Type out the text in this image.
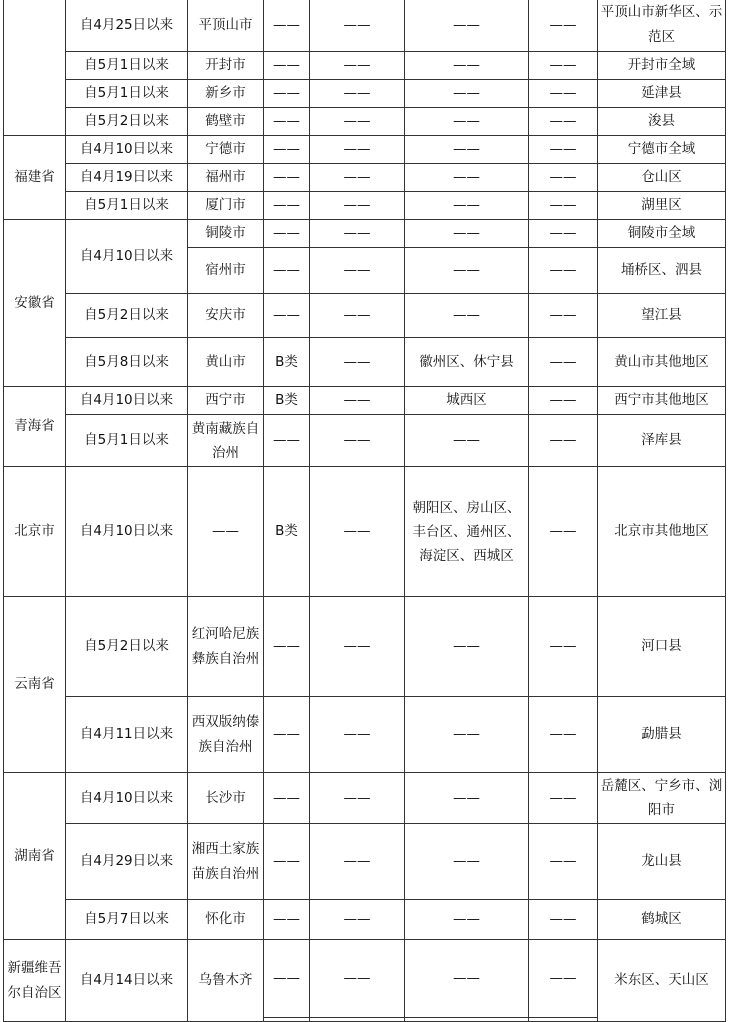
	自4月25日以来	平顶山市	——	——	——	——	平顶山市新华区、示范区
	自5月1日以来	开封市	——	——	——	——	开封市全域
	自5月1日以来	新乡市	——	——	——	——	延津县
	自5月2日以来	鹤壁市	——	——	——	——	浚县
福建省	自4月10日以来	宁德市	——	——	——	——	宁德市全域
	自4月19日以来	福州市	——	——	——	——	仓山区
	自5月1日以来	厦门市	——	——	——	——	湖里区
安徽省	自4月10日以来	铜陵市	——	——	——	——	铜陵市全域
		宿州市	——	——	——	——	埇桥区、泗县
	自5月2日以来	安庆市	——	——	——	——	望江县
	自5月8日以来	黄山市	B类	——	徽州区、休宁县	——	黄山市其他地区
青海省	自4月10日以来	西宁市	B类	——	城西区	——	西宁市其他地区
	自5月1日以来	黄南藏族自治州	——	——	——	——	泽库县
北京市	自4月10日以来	——	B类	——	朝阳区、房山区、丰台区、通州区、海淀区、西城区	——	北京市其他地区
云南省	自5月2日以来	红河哈尼族彝族自治州	——	——	——	——	河口县
	自4月11日以来	西双版纳傣族自治州	——	——	——	——	勐腊县
湖南省	自4月10日以来	长沙市	——	——	——	——	岳麓区、宁乡市、浏阳市
	自4月29日以来	湘西土家族苗族自治州	——	——	——	——	龙山县
	自5月7日以来	怀化市	——	——	——	——	鹤城区
新疆维吾尔自治区	自4月14日以来	乌鲁木齐	——	——	——	——	米东区、天山区
